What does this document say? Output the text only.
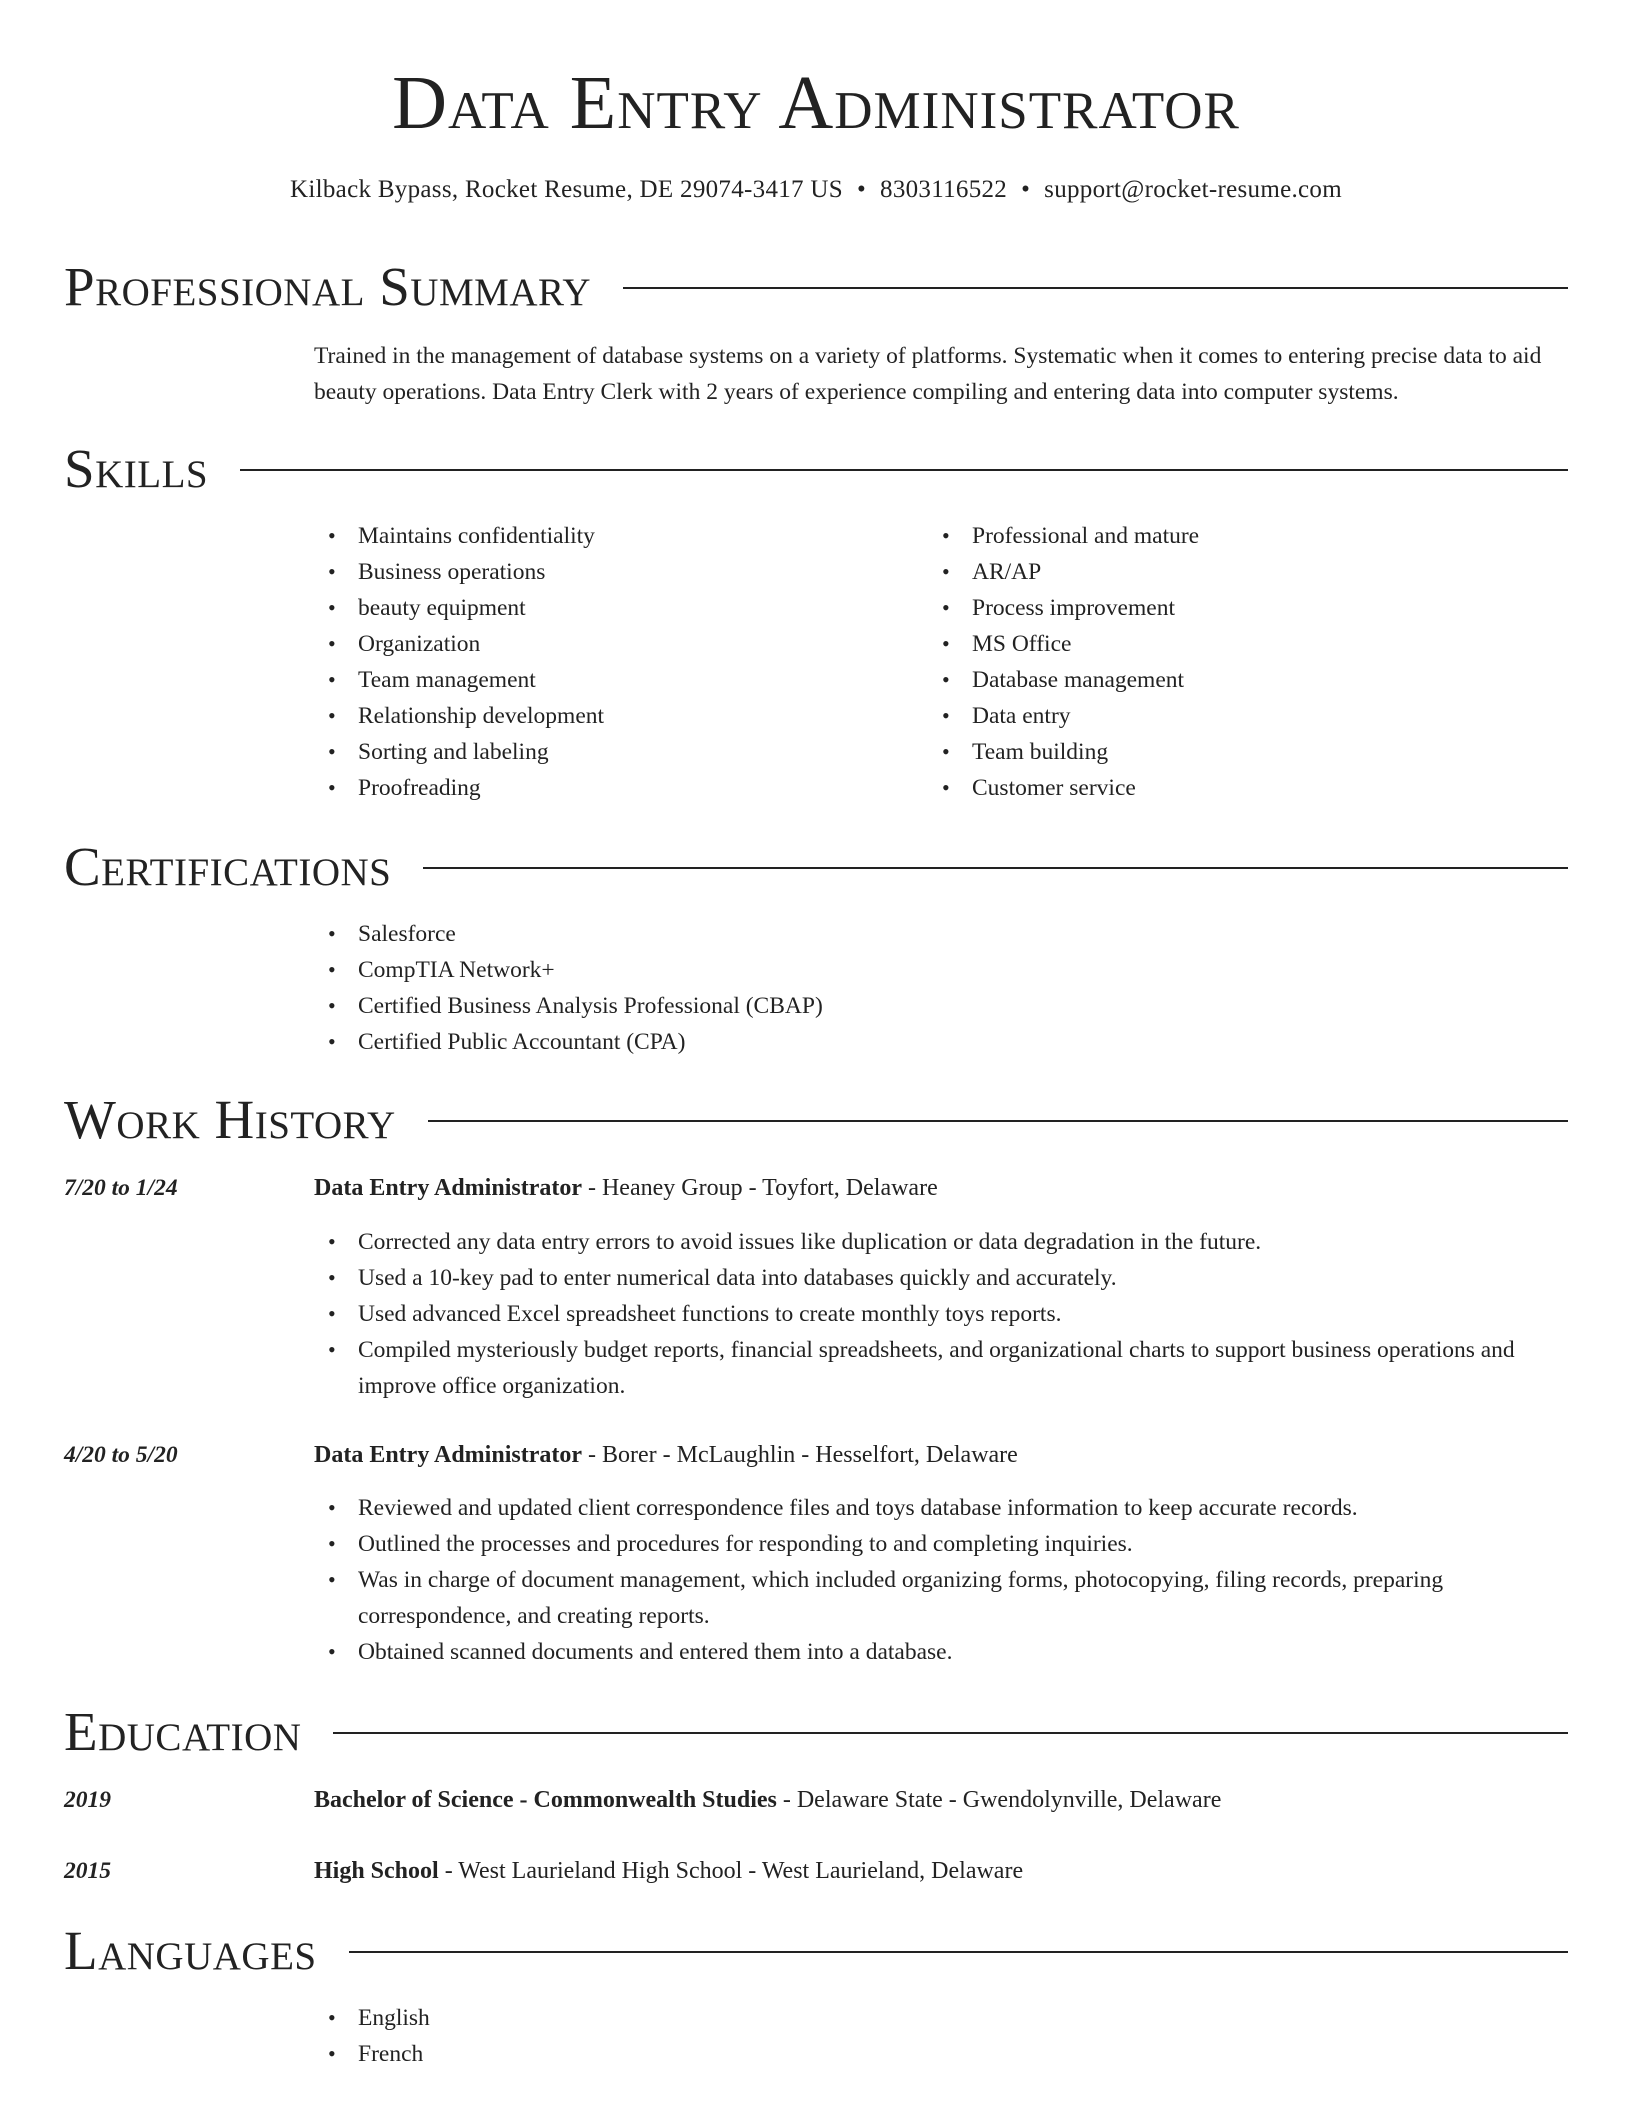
Data Entry Administrator
Kilback Bypass, Rocket Resume, DE 29074-3417 US • 8303116522 • support@rocket-resume.com
Professional Summary

Trained in the management of database systems on a variety of platforms. Systematic when it comes to entering precise data to aid beauty operations. Data Entry Clerk with 2 years of experience compiling and entering data into computer systems.

Skills
• Maintains confidentiality
• Business operations
• beauty equipment
• Organization
• Team management
• Relationship development
• Sorting and labeling
• Proofreading
• Professional and mature
• AR/AP
• Process improvement
• MS Office
• Database management
• Data entry
• Team building
• Customer service
Certifications
• Salesforce
• CompTIA Network+
• Certified Business Analysis Professional (CBAP)
• Certified Public Accountant (CPA)
Work History
7/20 to 1/24	Data Entry Administrator - Heaney Group - Toyfort, Delaware
• Corrected any data entry errors to avoid issues like duplication or data degradation in the future.
• Used a 10-key pad to enter numerical data into databases quickly and accurately.
• Used advanced Excel spreadsheet functions to create monthly toys reports.
• Compiled mysteriously budget reports, financial spreadsheets, and organizational charts to support business operations and improve office organization.
4/20 to 5/20	Data Entry Administrator - Borer - McLaughlin - Hesselfort, Delaware
• Reviewed and updated client correspondence files and toys database information to keep accurate records.
• Outlined the processes and procedures for responding to and completing inquiries.
• Was in charge of document management, which included organizing forms, photocopying, filing records, preparing correspondence, and creating reports.
• Obtained scanned documents and entered them into a database.
Education
2019	Bachelor of Science - Commonwealth Studies - Delaware State - Gwendolynville, Delaware
2015	High School - West Laurieland High School - West Laurieland, Delaware
Languages
• English
• French
